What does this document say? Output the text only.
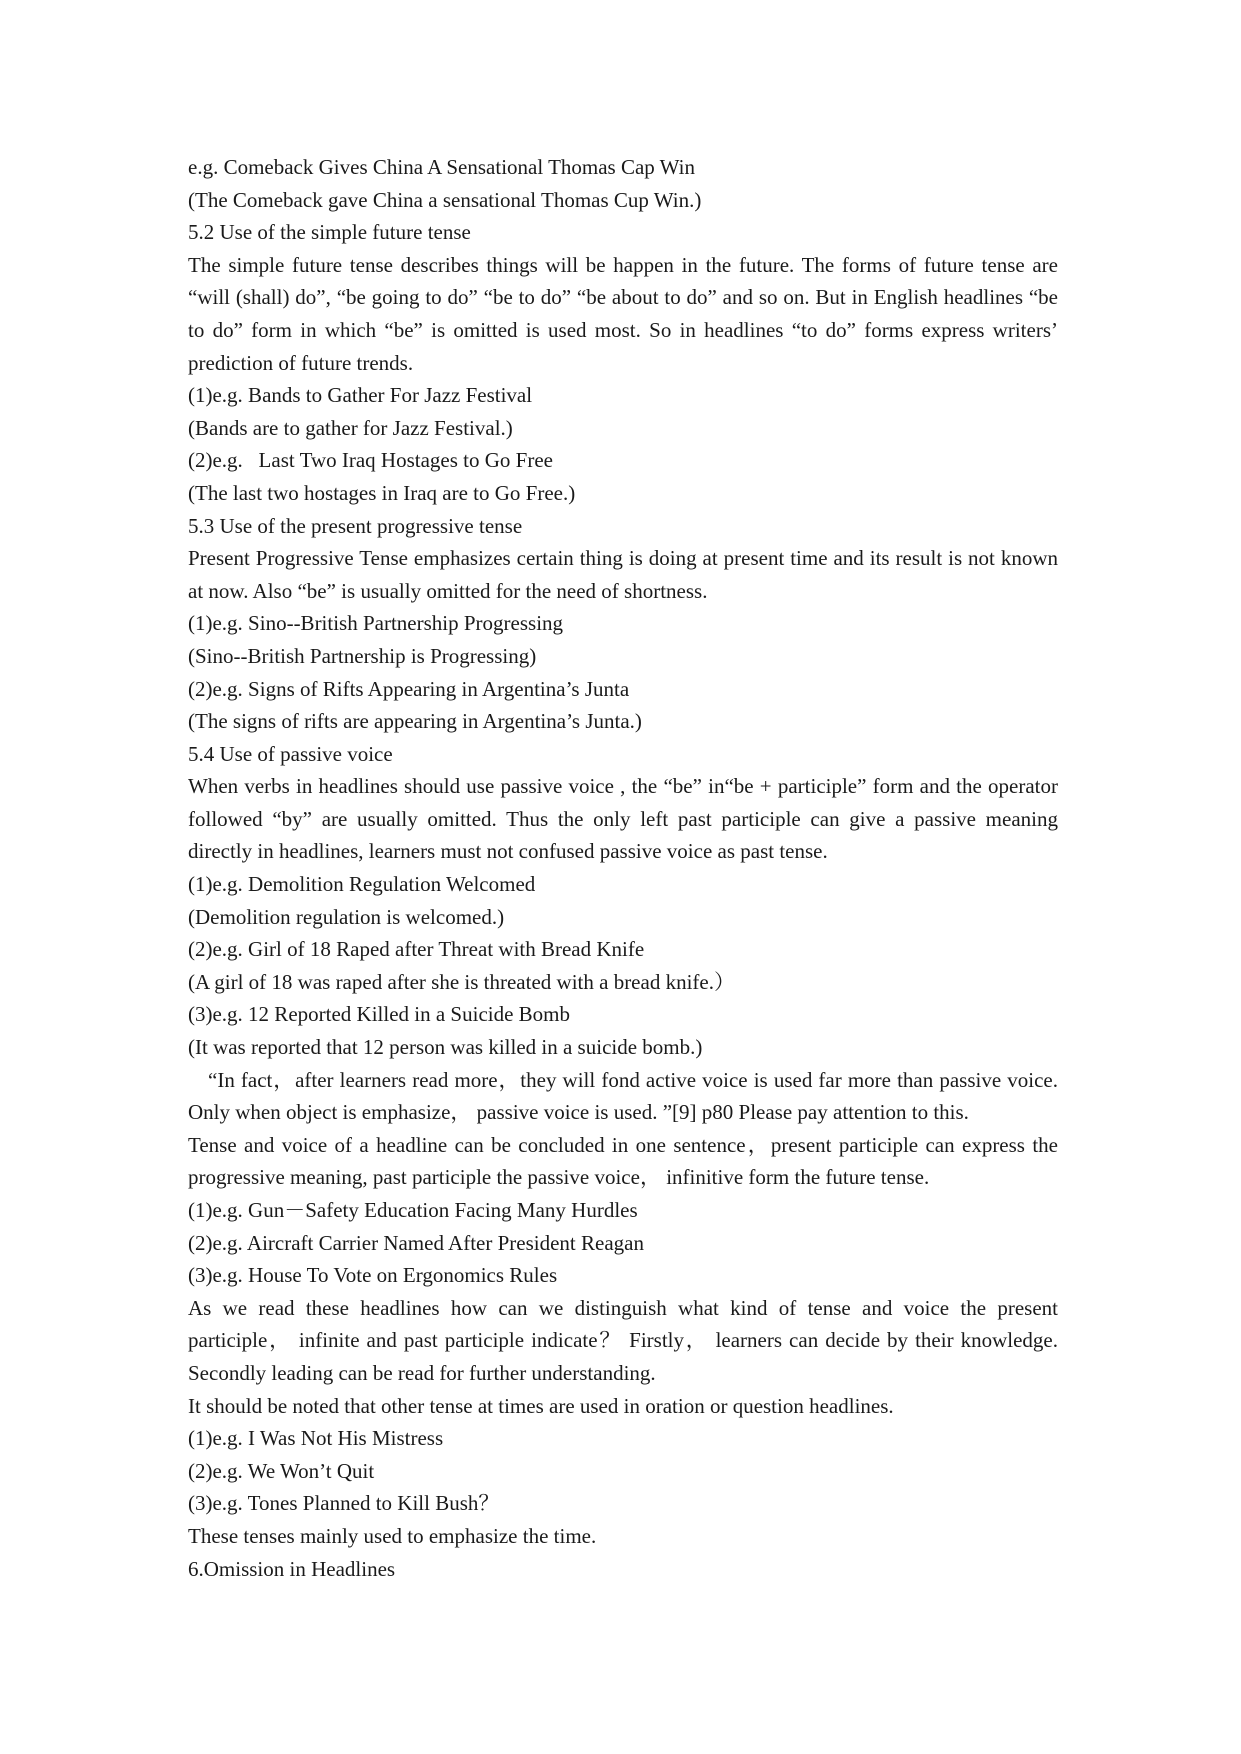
e.g. Comeback Gives China A Sensational Thomas Cap Win
(The Comeback gave China a sensational Thomas Cup Win.)
5.2 Use of the simple future tense
The simple future tense describes things will be happen in the future. The forms of future tense are “will (shall) do”, “be going to do” “be to do” “be about to do” and so on. But in English headlines “be to do” form in which “be” is omitted is used most. So in headlines “to do” forms express writers’ prediction of future trends.
(1)e.g. Bands to Gather For Jazz Festival
(Bands are to gather for Jazz Festival.)
(2)e.g.   Last Two Iraq Hostages to Go Free
(The last two hostages in Iraq are to Go Free.)
5.3 Use of the present progressive tense
Present Progressive Tense emphasizes certain thing is doing at present time and its result is not known at now. Also “be” is usually omitted for the need of shortness.
(1)e.g. Sino--British Partnership Progressing
(Sino--British Partnership is Progressing)
(2)e.g. Signs of Rifts Appearing in Argentina’s Junta
(The signs of rifts are appearing in Argentina’s Junta.)
5.4 Use of passive voice
When verbs in headlines should use passive voice , the “be” in“be + participle” form and the operator followed “by” are usually omitted. Thus the only left past participle can give a passive meaning directly in headlines, learners must not confused passive voice as past tense.
(1)e.g. Demolition Regulation Welcomed
(Demolition regulation is welcomed.)
(2)e.g. Girl of 18 Raped after Threat with Bread Knife
(A girl of 18 was raped after she is threated with a bread knife.）
(3)e.g. 12 Reported Killed in a Suicide Bomb
(It was reported that 12 person was killed in a suicide bomb.)
“In fact，after learners read more，they will fond active voice is used far more than passive voice. Only when object is emphasize， passive voice is used. ”[9] p80 Please pay attention to this.
Tense and voice of a headline can be concluded in one sentence，present participle can express the progressive meaning, past participle the passive voice， infinitive form the future tense.
(1)e.g. Gun－Safety Education Facing Many Hurdles
(2)e.g. Aircraft Carrier Named After President Reagan
(3)e.g. House To Vote on Ergonomics Rules
As we read these headlines how can we distinguish what kind of tense and voice the present participle， infinite and past participle indicate？ Firstly， learners can decide by their knowledge. Secondly leading can be read for further understanding.
It should be noted that other tense at times are used in oration or question headlines.
(1)e.g. I Was Not His Mistress
(2)e.g. We Won’t Quit
(3)e.g. Tones Planned to Kill Bush？
These tenses mainly used to emphasize the time.
6.Omission in Headlines
